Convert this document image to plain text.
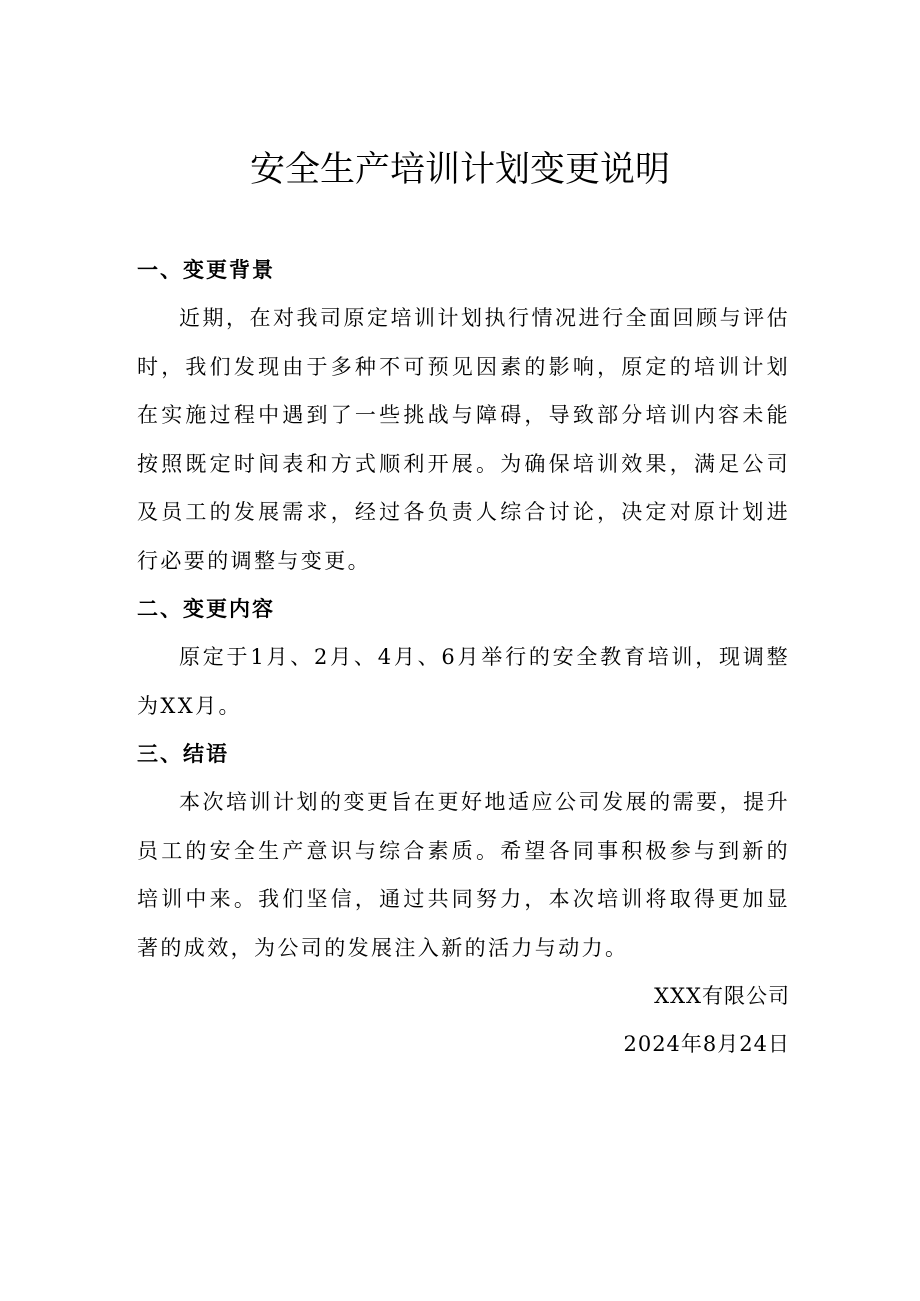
安全生产培训计划变更说明

一、变更背景

近期，在对我司原定培训计划执行情况进行全面回顾与评估时，我们发现由于多种不可预见因素的影响，原定的培训计划在实施过程中遇到了一些挑战与障碍，导致部分培训内容未能按照既定时间表和方式顺利开展。为确保培训效果，满足公司及员工的发展需求，经过各负责人综合讨论，决定对原计划进行必要的调整与变更。

二、变更内容

原定于1月、2月、4月、6月举行的安全教育培训，现调整为XX月。

三、结语

本次培训计划的变更旨在更好地适应公司发展的需要，提升员工的安全生产意识与综合素质。希望各同事积极参与到新的培训中来。我们坚信，通过共同努力，本次培训将取得更加显著的成效，为公司的发展注入新的活力与动力。

XXX有限公司

2024年8月24日
